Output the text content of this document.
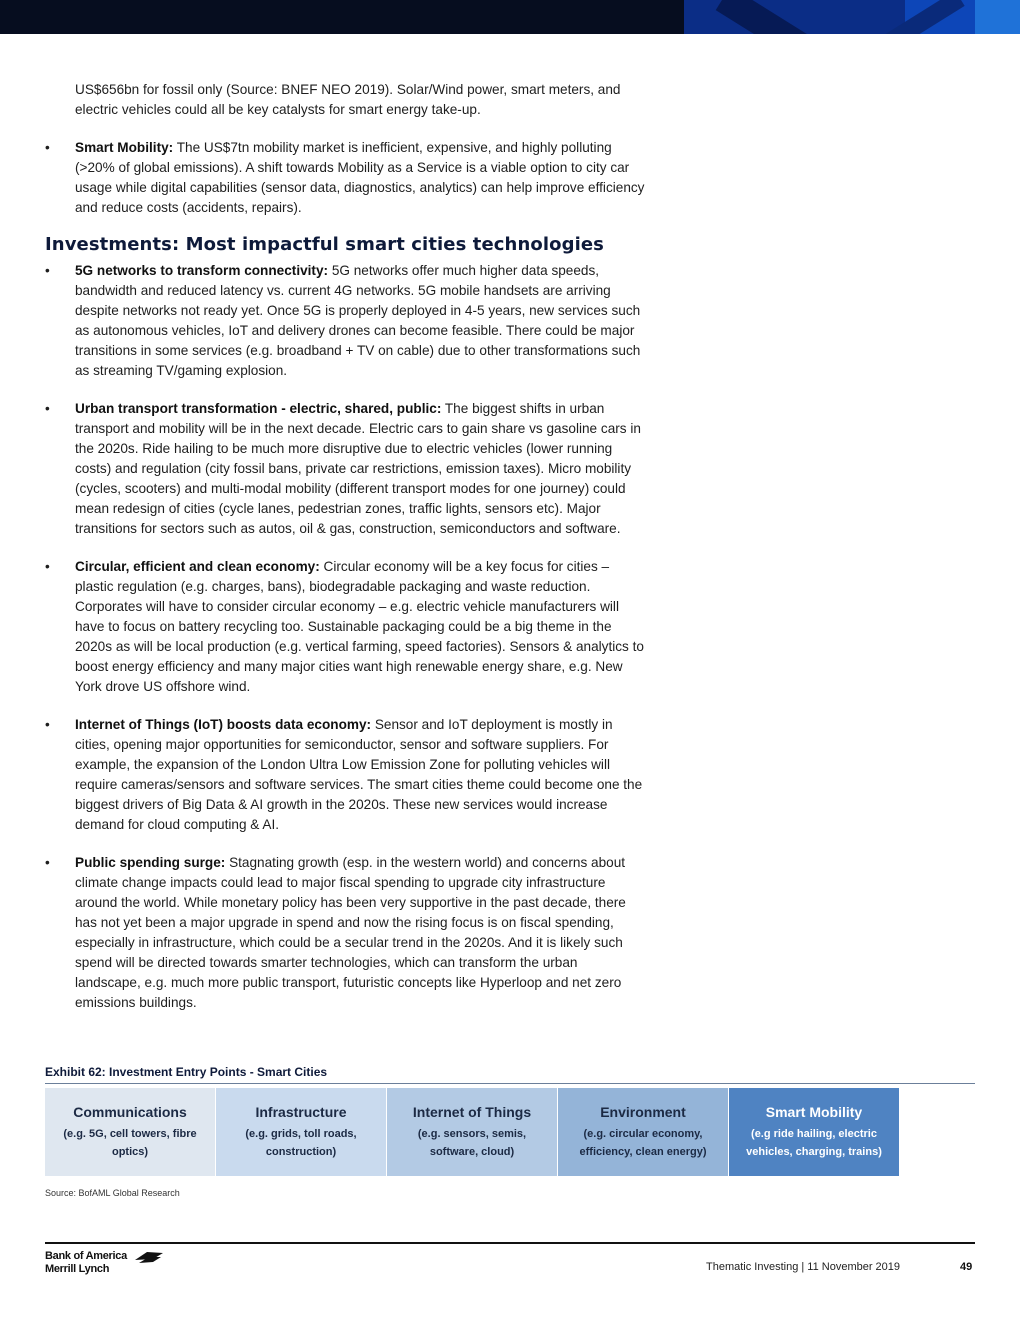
US$656bn for fossil only (Source: BNEF NEO 2019). Solar/Wind power, smart meters, and electric vehicles could all be key catalysts for smart energy take-up.
• Smart Mobility: The US$7tn mobility market is inefficient, expensive, and highly polluting (>20% of global emissions). A shift towards Mobility as a Service is a viable option to city car usage while digital capabilities (sensor data, diagnostics, analytics) can help improve efficiency and reduce costs (accidents, repairs).
Investments: Most impactful smart cities technologies
• 5G networks to transform connectivity: 5G networks offer much higher data speeds, bandwidth and reduced latency vs. current 4G networks. 5G mobile handsets are arriving despite networks not ready yet. Once 5G is properly deployed in 4-5 years, new services such as autonomous vehicles, IoT and delivery drones can become feasible. There could be major transitions in some services (e.g. broadband + TV on cable) due to other transformations such as streaming TV/gaming explosion.
• Urban transport transformation - electric, shared, public: The biggest shifts in urban transport and mobility will be in the next decade. Electric cars to gain share vs gasoline cars in the 2020s. Ride hailing to be much more disruptive due to electric vehicles (lower running costs) and regulation (city fossil bans, private car restrictions, emission taxes). Micro mobility (cycles, scooters) and multi-modal mobility (different transport modes for one journey) could mean redesign of cities (cycle lanes, pedestrian zones, traffic lights, sensors etc). Major transitions for sectors such as autos, oil & gas, construction, semiconductors and software.
• Circular, efficient and clean economy: Circular economy will be a key focus for cities – plastic regulation (e.g. charges, bans), biodegradable packaging and waste reduction. Corporates will have to consider circular economy – e.g. electric vehicle manufacturers will have to focus on battery recycling too. Sustainable packaging could be a big theme in the 2020s as will be local production (e.g. vertical farming, speed factories). Sensors & analytics to boost energy efficiency and many major cities want high renewable energy share, e.g. New York drove US offshore wind.
• Internet of Things (IoT) boosts data economy: Sensor and IoT deployment is mostly in cities, opening major opportunities for semiconductor, sensor and software suppliers. For example, the expansion of the London Ultra Low Emission Zone for polluting vehicles will require cameras/sensors and software services. The smart cities theme could become one the biggest drivers of Big Data & AI growth in the 2020s. These new services would increase demand for cloud computing & AI.
• Public spending surge: Stagnating growth (esp. in the western world) and concerns about climate change impacts could lead to major fiscal spending to upgrade city infrastructure around the world. While monetary policy has been very supportive in the past decade, there has not yet been a major upgrade in spend and now the rising focus is on fiscal spending, especially in infrastructure, which could be a secular trend in the 2020s. And it is likely such spend will be directed towards smarter technologies, which can transform the urban landscape, e.g. much more public transport, futuristic concepts like Hyperloop and net zero emissions buildings.
Exhibit 62: Investment Entry Points - Smart Cities
Communications
(e.g. 5G, cell towers, fibre optics)
Infrastructure
(e.g. grids, toll roads, construction)
Internet of Things
(e.g. sensors, semis, software, cloud)
Environment
(e.g. circular economy, efficiency, clean energy)
Smart Mobility
(e.g ride hailing, electric vehicles, charging, trains)
Source: BofAML Global Research
Bank of America
Merrill Lynch	Thematic Investing | 11 November 2019	49
